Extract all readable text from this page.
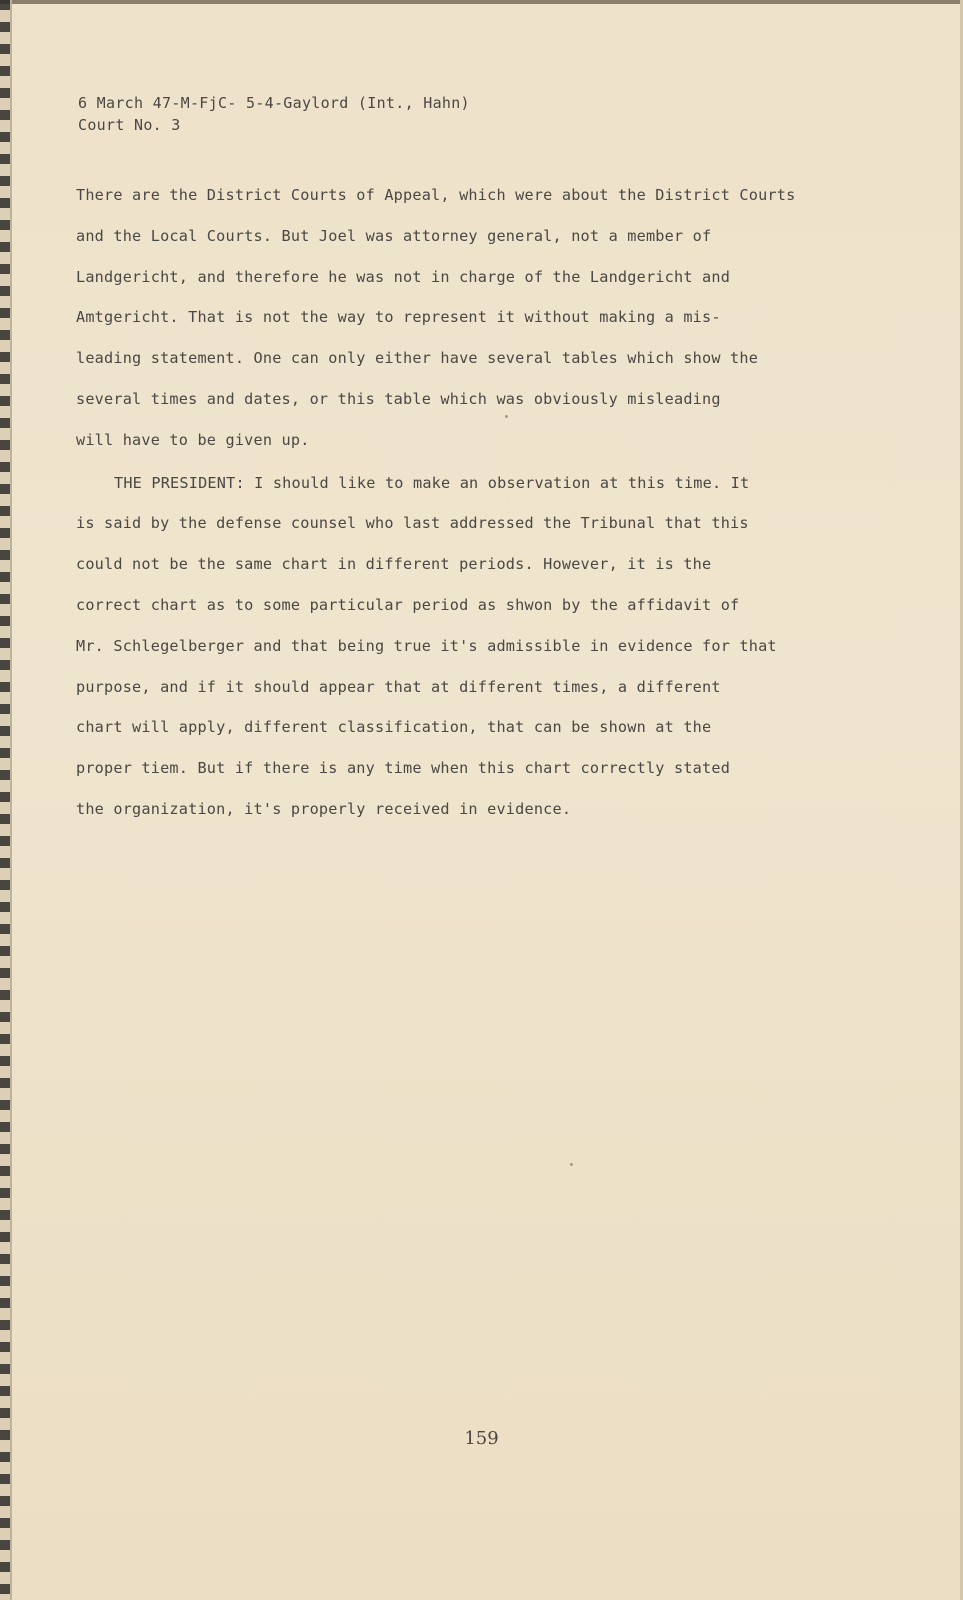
6 March 47-M-FjC- 5-4-Gaylord (Int., Hahn)
Court No. 3
There are the District Courts of Appeal, which were about the District Courts
and the Local Courts. But Joel was attorney general, not a member of
Landgericht, and therefore he was not in charge of the Landgericht and
Amtgericht. That is not the way to represent it without making a mis-
leading statement. One can only either have several tables which show the
several times and dates, or this table which was obviously misleading
will have to be given up.
THE PRESIDENT: I should like to make an observation at this time. It
is said by the defense counsel who last addressed the Tribunal that this
could not be the same chart in different periods. However, it is the
correct chart as to some particular period as shwon by the affidavit of
Mr. Schlegelberger and that being true it's admissible in evidence for that
purpose, and if it should appear that at different times, a different
chart will apply, different classification, that can be shown at the
proper tiem. But if there is any time when this chart correctly stated
the organization, it's properly received in evidence.
159
